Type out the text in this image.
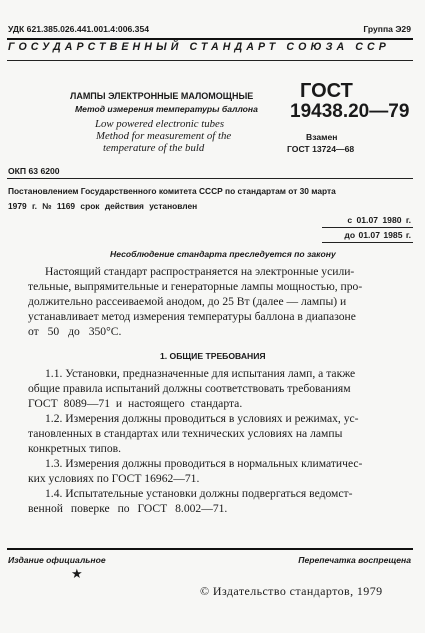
УДК 621.385.026.441.001.4:006.354	Группа Э29
ГОСУДАРСТВЕННЫЙ СТАНДАРТ СОЮЗА ССР
ЛАМПЫ ЭЛЕКТРОННЫЕ МАЛОМОЩНЫЕ
Метод измерения температуры баллона
Low powered electronic tubes
Method for measurement of the
temperature of the buld
ГОСТ
19438.20—79
Взамен
ГОСТ 13724—68
ОКП 63 6200
Постановлением Государственного комитета СССР по стандартам от 30 марта
1979 г. № 1169 срок действия установлен
с 01.07 1980 г.
до 01.07 1985 г.
Несоблюдение стандарта преследуется по закону
Настоящий стандарт распространяется на электронные усили-
тельные, выпрямительные и генераторные лампы мощностью, про-
должительно рассеиваемой анодом, до 25 Вт (далее — лампы) и
устанавливает метод измерения температуры баллона в диапазоне
от 50 до 350°С.
1. ОБЩИЕ ТРЕБОВАНИЯ
1.1. Установки, предназначенные для испытания ламп, а также
общие правила испытаний должны соответствовать требованиям
ГОСТ 8089—71 и настоящего стандарта.
1.2. Измерения должны проводиться в условиях и режимах, ус-
тановленных в стандартах или технических условиях на лампы
конкретных типов.
1.3. Измерения должны проводиться в нормальных климатичес-
ких условиях по ГОСТ 16962—71.
1.4. Испытательные установки должны подвергаться ведомст-
венной поверке по ГОСТ 8.002—71.
Издание официальное	Перепечатка воспрещена
★
© Издательство стандартов, 1979
